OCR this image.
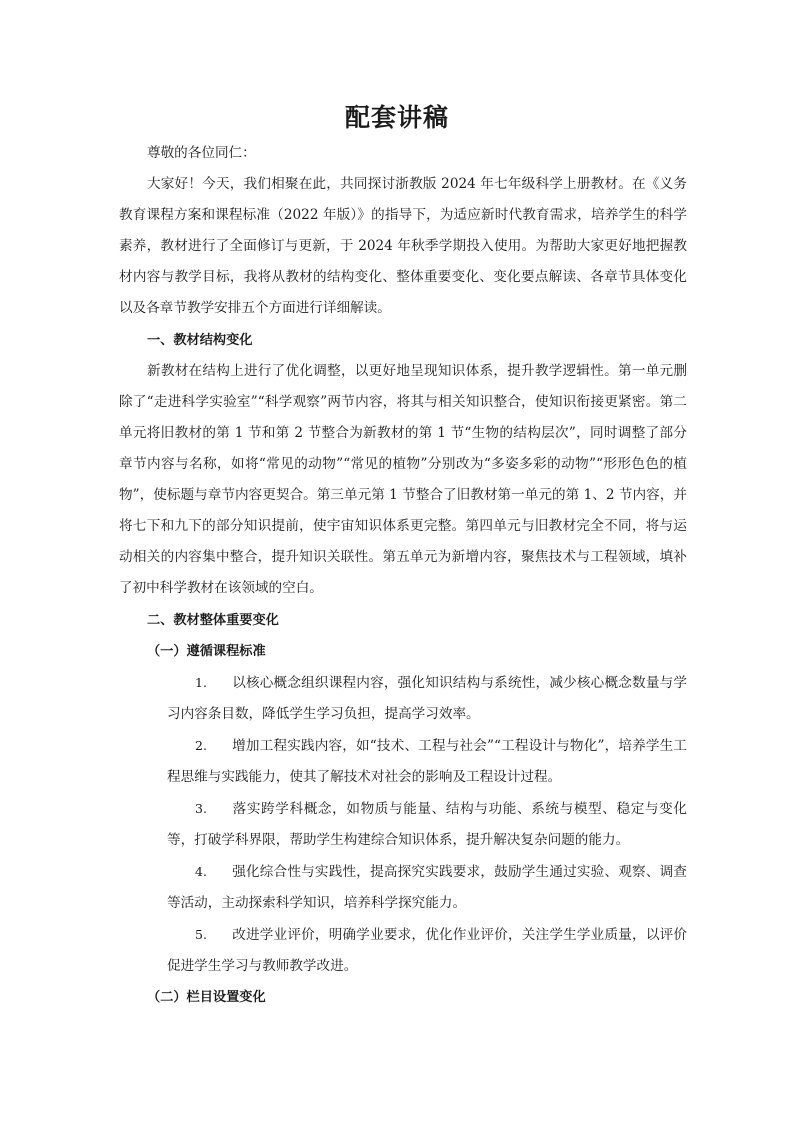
配套讲稿
尊敬的各位同仁：
大家好！今天，我们相聚在此，共同探讨浙教版 2024 年七年级科学上册教材。在《义务教育课程方案和课程标准（2022 年版）》的指导下，为适应新时代教育需求，培养学生的科学素养，教材进行了全面修订与更新，于 2024 年秋季学期投入使用。为帮助大家更好地把握教材内容与教学目标，我将从教材的结构变化、整体重要变化、变化要点解读、各章节具体变化以及各章节教学安排五个方面进行详细解读。
一、教材结构变化
新教材在结构上进行了优化调整，以更好地呈现知识体系，提升教学逻辑性。第一单元删除了“走进科学实验室”“科学观察”两节内容，将其与相关知识整合，使知识衔接更紧密。第二单元将旧教材的第 1 节和第 2 节整合为新教材的第 1 节“生物的结构层次”，同时调整了部分章节内容与名称，如将“常见的动物”“常见的植物”分别改为“多姿多彩的动物”“形形色色的植物”，使标题与章节内容更契合。第三单元第 1 节整合了旧教材第一单元的第 1、2 节内容，并将七下和九下的部分知识提前，使宇宙知识体系更完整。第四单元与旧教材完全不同，将与运动相关的内容集中整合，提升知识关联性。第五单元为新增内容，聚焦技术与工程领域，填补了初中科学教材在该领域的空白。
二、教材整体重要变化
（一）遵循课程标准
1. 以核心概念组织课程内容，强化知识结构与系统性，减少核心概念数量与学习内容条目数，降低学生学习负担，提高学习效率。
2. 增加工程实践内容，如“技术、工程与社会”“工程设计与物化”，培养学生工程思维与实践能力，使其了解技术对社会的影响及工程设计过程。
3. 落实跨学科概念，如物质与能量、结构与功能、系统与模型、稳定与变化等，打破学科界限，帮助学生构建综合知识体系，提升解决复杂问题的能力。
4. 强化综合性与实践性，提高探究实践要求，鼓励学生通过实验、观察、调查等活动，主动探索科学知识，培养科学探究能力。
5. 改进学业评价，明确学业要求，优化作业评价，关注学生学业质量，以评价促进学生学习与教师教学改进。
（二）栏目设置变化
